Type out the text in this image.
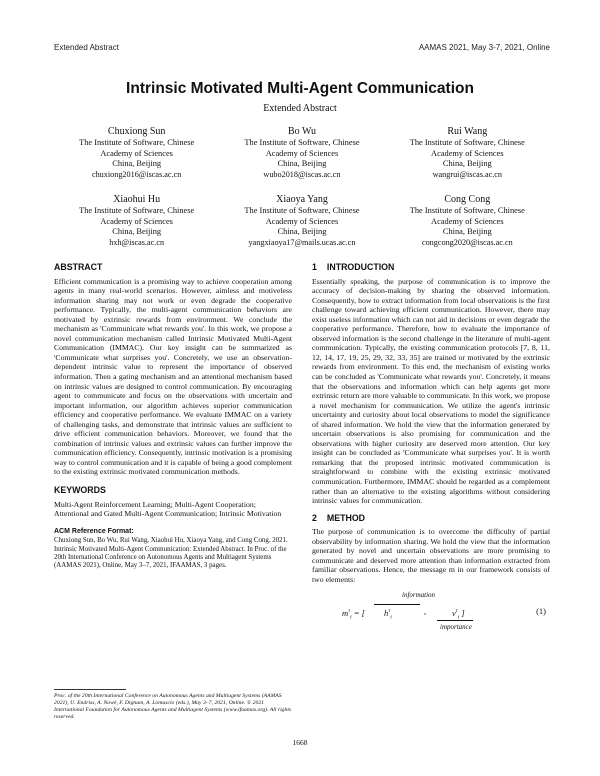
Extended Abstract	AAMAS 2021, May 3-7, 2021, Online
Intrinsic Motivated Multi-Agent Communication
Extended Abstract
Chuxiong Sun
The Institute of Software, Chinese
Academy of Sciences
China, Beijing
chuxiong2016@iscas.ac.cn
Bo Wu
The Institute of Software, Chinese
Academy of Sciences
China, Beijing
wubo2018@iscas.ac.cn
Rui Wang
The Institute of Software, Chinese
Academy of Sciences
China, Beijing
wangrui@iscas.ac.cn
Xiaohui Hu
The Institute of Software, Chinese
Academy of Sciences
China, Beijing
hxh@iscas.ac.cn
Xiaoya Yang
The Institute of Software, Chinese
Academy of Sciences
China, Beijing
yangxiaoya17@mails.ucas.ac.cn
Cong Cong
The Institute of Software, Chinese
Academy of Sciences
China, Beijing
congcong2020@iscas.ac.cn
ABSTRACT

Efficient communication is a promising way to achieve cooperation among agents in many real-world scenarios. However, aimless and motiveless information sharing may not work or even degrade the cooperative performance. Typically, the multi-agent communication behaviors are motivated by extrinsic rewards from environment. We conclude the mechanism as 'Communicate what rewards you'. In this work, we propose a novel communication mechanism called Intrinsic Motivated Multi-Agent Communication (IMMAC). Our key insight can be summarized as 'Communicate what surprises you'. Concretely, we use an observation-dependent intrinsic value to represent the importance of observed information. Then a gating mechanism and an attentional mechanism based on intrinsic values are designed to control communication. By encouraging agent to communicate and focus on the observations with uncertain and important information, our algorithm achieves superior communication efficiency and cooperative performance. We evaluate IMMAC on a variety of challenging tasks, and demonstrate that intrinsic values are sufficient to drive efficient communication behaviors. Moreover, we found that the combination of intrinsic values and extrinsic values can further improve the communication efficiency. Consequently, intrinsic motivation is a promising way to control communication and it is capable of being a good complement to the existing extrinsic motivated communication methods.

KEYWORDS

Multi-Agent Reinforcement Learning; Multi-Agent Cooperation; Attentional and Gated Multi-Agent Communication; Intrinsic Motivation

ACM Reference Format:

Chuxiong Sun, Bo Wu, Rui Wang, Xiaohui Hu, Xiaoya Yang, and Cong Cong. 2021. Intrinsic Motivated Multi-Agent Communication: Extended Abstract. In Proc. of the 20th International Conference on Autonomous Agents and Multiagent Systems (AAMAS 2021), Online, May 3–7, 2021, IFAAMAS, 3 pages.

Proc. of the 20th International Conference on Autonomous Agents and Multiagent Systems (AAMAS 2021), U. Endriss, A. Nowé, F. Dignum, A. Lomuscio (eds.), May 3–7, 2021, Online. © 2021 International Foundation for Autonomous Agents and Multiagent Systems (www.ifaamas.org). All rights reserved.
1 INTRODUCTION

Essentially speaking, the purpose of communication is to improve the accuracy of decision-making by sharing the observed information. Consequently, how to extract information from local observations is the first challenge toward achieving efficient communication. However, there may exist useless information which can not aid in decisions or even degrade the cooperative performance. Therefore, how to evaluate the importance of observed information is the second challenge in the literature of multi-agent communication. Typically, the existing communication protocols [7, 8, 11, 12, 14, 17, 19, 25, 29, 32, 33, 35] are trained or motivated by the extrinsic rewards from environment. To this end, the mechanism of existing works can be concluded as 'Communicate what rewards you'. Concretely, it means that the observations and information which can help agents get more extrinsic return are more valuable to communicate. In this work, we propose a novel mechanism for communication. We utilize the agent's intrinsic uncertainty and curiosity about local observations to model the significance of shared information. We hold the view that the information generated by uncertain observations is also promising for communication and the observations with higher curiosity are deserved more attention. Our key insight can be concluded as 'Communicate what surprises you'. It is worth remarking that the proposed intrinsic motivated communication is straightforward to combine with the existing extrinsic motivated communication. Furthermore, IMMAC should be regarded as a complement rather than an alternative to the existing algorithms without considering intrinsic values for communication.

2 METHOD

The purpose of communication is to overcome the difficulty of partial observability by information sharing. We hold the view that the information generated by novel and uncertain observations are more promising to communicate and deserved more attention than information extracted from familiar observations. Hence, the message m in our framework consists of two elements:

information
$m^\tau_i$ = [ $h^\tau_i$
,	$v^\tau_i$ ]
importance
(1)
1668
